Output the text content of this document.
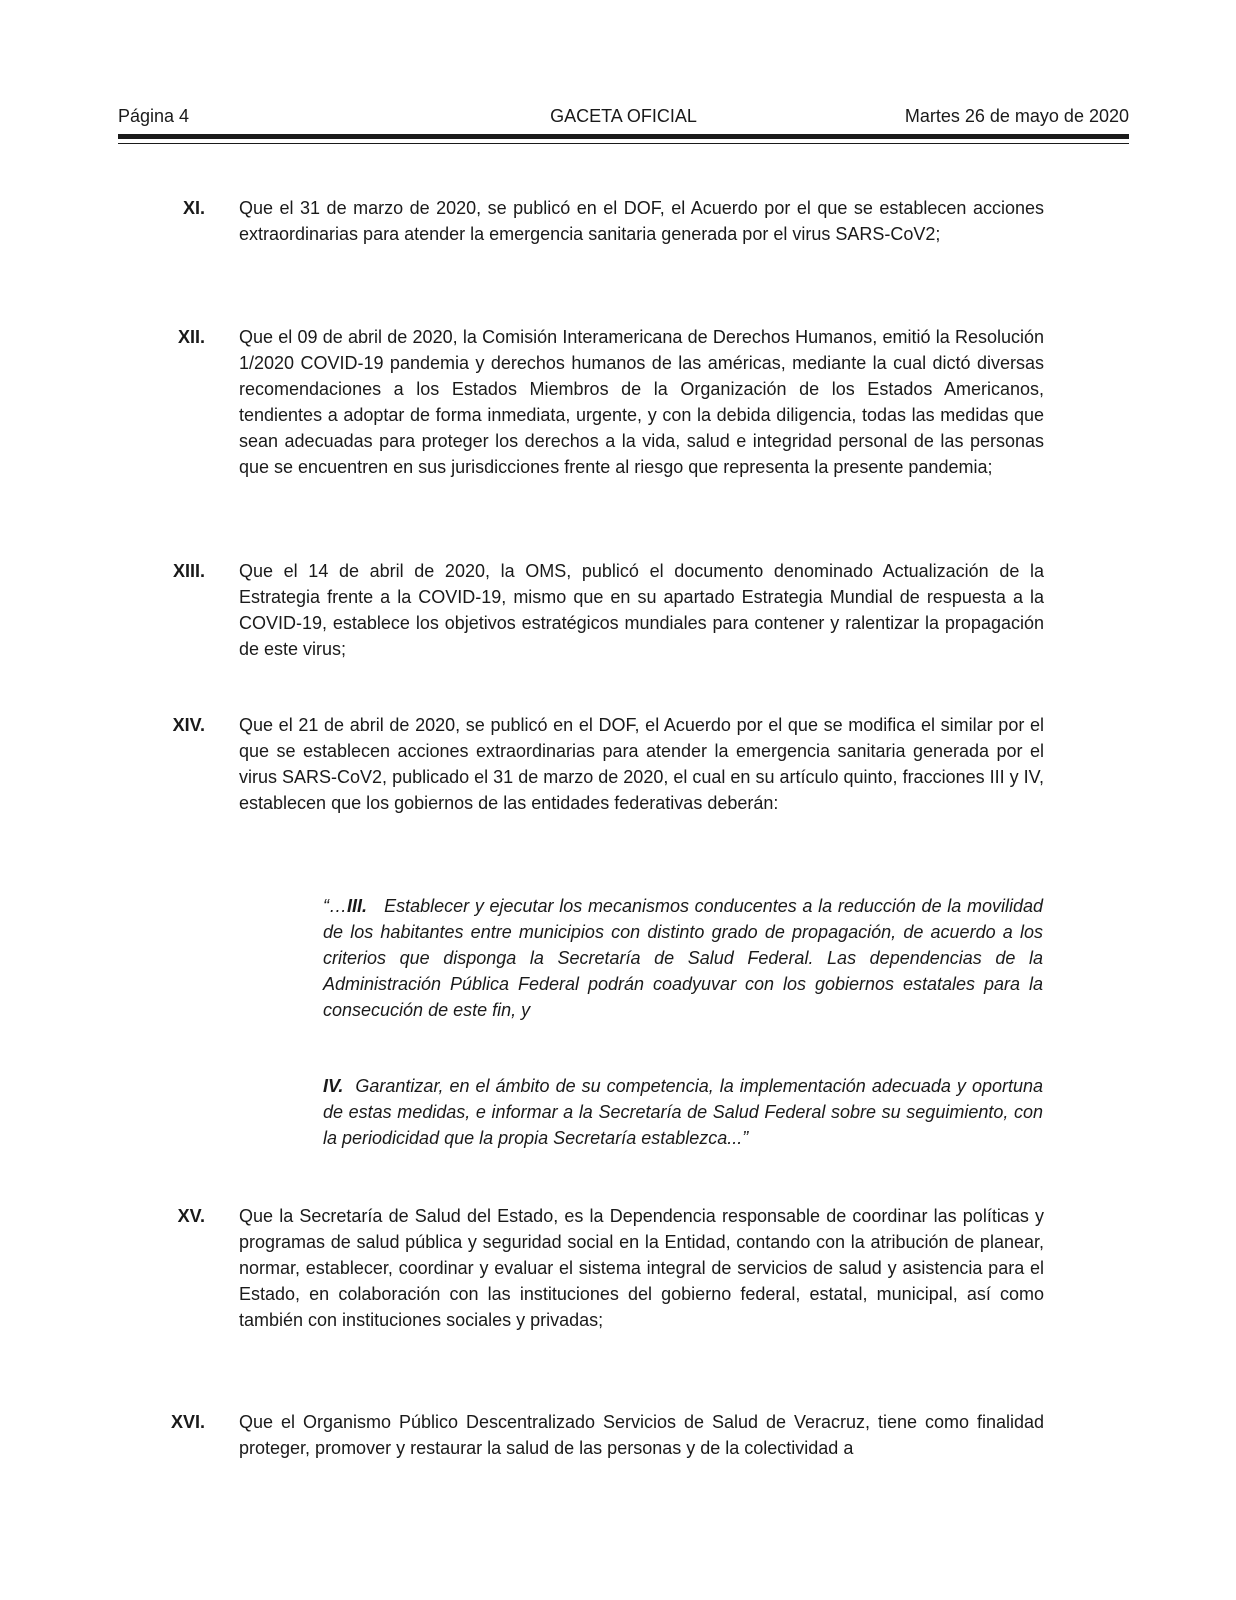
Página 4	GACETA OFICIAL	Martes 26 de mayo de 2020
XI. Que el 31 de marzo de 2020, se publicó en el DOF, el Acuerdo por el que se establecen acciones extraordinarias para atender la emergencia sanitaria generada por el virus SARS-CoV2;
XII. Que el 09 de abril de 2020, la Comisión Interamericana de Derechos Humanos, emitió la Resolución 1/2020 COVID-19 pandemia y derechos humanos de las américas, mediante la cual dictó diversas recomendaciones a los Estados Miembros de la Organización de los Estados Americanos, tendientes a adoptar de forma inmediata, urgente, y con la debida diligencia, todas las medidas que sean adecuadas para proteger los derechos a la vida, salud e integridad personal de las personas que se encuentren en sus jurisdicciones frente al riesgo que representa la presente pandemia;
XIII. Que el 14 de abril de 2020, la OMS, publicó el documento denominado Actualización de la Estrategia frente a la COVID-19, mismo que en su apartado Estrategia Mundial de respuesta a la COVID-19, establece los objetivos estratégicos mundiales para contener y ralentizar la propagación de este virus;
XIV. Que el 21 de abril de 2020, se publicó en el DOF, el Acuerdo por el que se modifica el similar por el que se establecen acciones extraordinarias para atender la emergencia sanitaria generada por el virus SARS-CoV2, publicado el 31 de marzo de 2020, el cual en su artículo quinto, fracciones III y IV, establecen que los gobiernos de las entidades federativas deberán:
“…III. Establecer y ejecutar los mecanismos conducentes a la reducción de la movilidad de los habitantes entre municipios con distinto grado de propagación, de acuerdo a los criterios que disponga la Secretaría de Salud Federal. Las dependencias de la Administración Pública Federal podrán coadyuvar con los gobiernos estatales para la consecución de este fin, y
IV. Garantizar, en el ámbito de su competencia, la implementación adecuada y oportuna de estas medidas, e informar a la Secretaría de Salud Federal sobre su seguimiento, con la periodicidad que la propia Secretaría establezca...”
XV. Que la Secretaría de Salud del Estado, es la Dependencia responsable de coordinar las políticas y programas de salud pública y seguridad social en la Entidad, contando con la atribución de planear, normar, establecer, coordinar y evaluar el sistema integral de servicios de salud y asistencia para el Estado, en colaboración con las instituciones del gobierno federal, estatal, municipal, así como también con instituciones sociales y privadas;
XVI. Que el Organismo Público Descentralizado Servicios de Salud de Veracruz, tiene como finalidad proteger, promover y restaurar la salud de las personas y de la colectividad a
